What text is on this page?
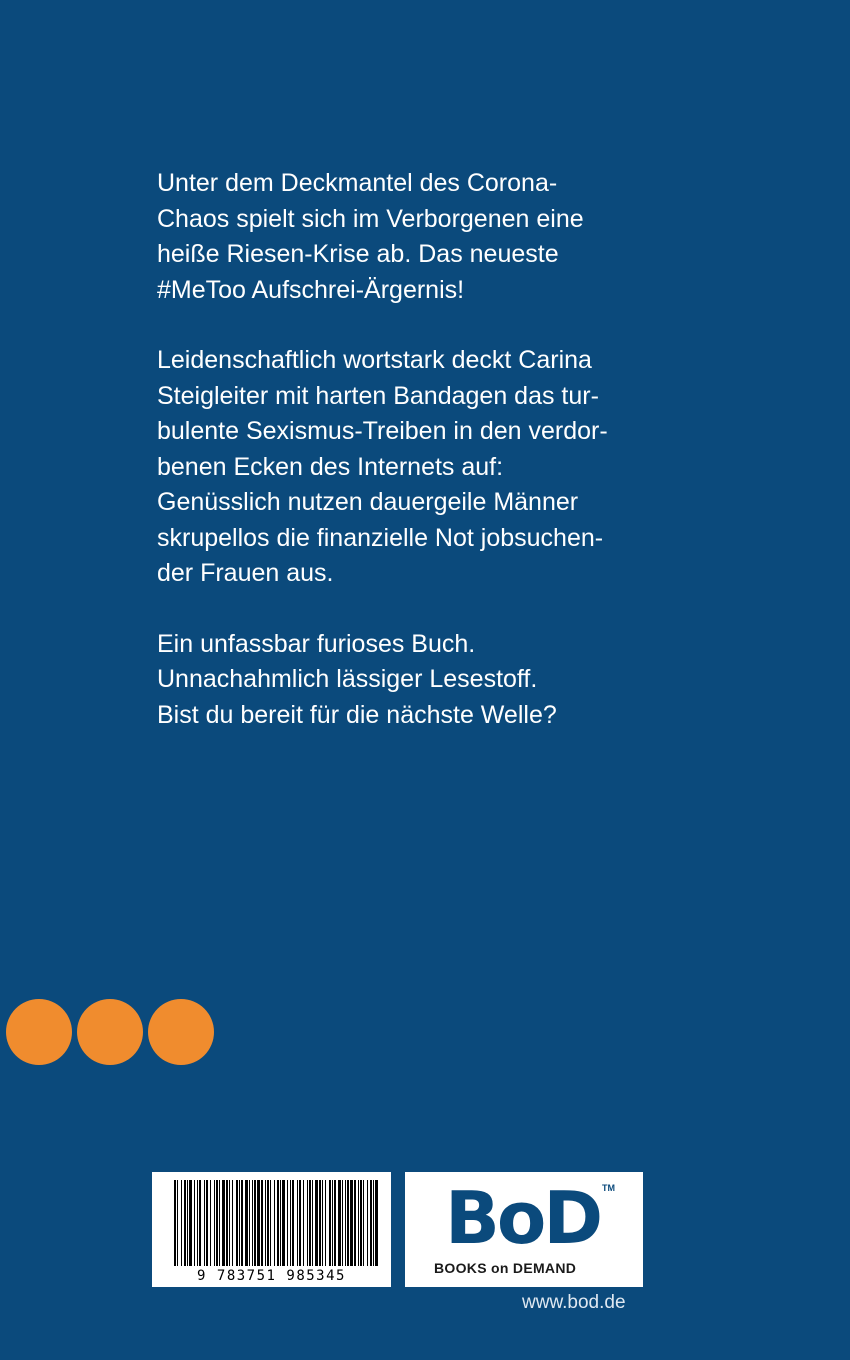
Unter dem Deckmantel des Corona-
Chaos spielt sich im Verborgenen eine
heiße Riesen-Krise ab. Das neueste
#MeToo Aufschrei-Ärgernis!

Leidenschaftlich wortstark deckt Carina
Steigleiter mit harten Bandagen das tur-
bulente Sexismus-Treiben in den verdor-
benen Ecken des Internets auf:
Genüsslich nutzen dauergeile Männer
skrupellos die finanzielle Not jobsuchen-
der Frauen aus.

Ein unfassbar furioses Buch.
Unnachahmlich lässiger Lesestoff.
Bist du bereit für die nächste Welle?

9 783751 985345
BoD TM
BOOKS on DEMAND
www.bod.de
